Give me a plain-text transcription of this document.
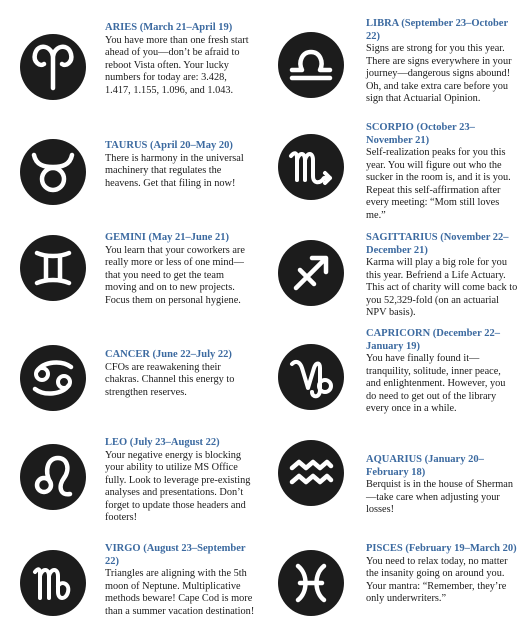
ARIES (March 21–April 19)

You have more than one fresh start ahead of you—don’t be afraid to reboot Vista often. Your lucky numbers for today are: 3.428, 1.417, 1.155, 1.096, and 1.043.

TAURUS (April 20–May 20)

There is harmony in the universal machinery that regulates the heavens. Get that filing in now!

GEMINI (May 21–June 21)

You learn that your coworkers are really more or less of one mind—that you need to get the team moving and on to new projects. Focus them on personal hygiene.

CANCER (June 22–July 22)

CFOs are reawakening their chakras. Channel this energy to strengthen reserves.

LEO (July 23–August 22)

Your negative energy is blocking your ability to utilize MS Office fully. Look to leverage pre-existing analyses and presentations. Don’t forget to update those headers and footers!

VIRGO (August 23–September 22)

Triangles are aligning with the 5th moon of Neptune. Multiplicative methods beware! Cape Cod is more than a summer vacation destination!

LIBRA (September 23–October 22)

Signs are strong for you this year. There are signs everywhere in your journey—dangerous signs abound! Oh, and take extra care before you sign that Actuarial Opinion.

SCORPIO (October 23–November 21)

Self-realization peaks for you this year. You will figure out who the sucker in the room is, and it is you. Repeat this self-affirmation after every meeting: “Mom still loves me.”

SAGITTARIUS (November 22–December 21)

Karma will play a big role for you this year. Befriend a Life Actuary. This act of charity will come back to you 52,329-fold (on an actuarial NPV basis).

CAPRICORN (December 22–January 19)

You have finally found it—tranquility, solitude, inner peace, and enlightenment. However, you do need to get out of the library every once in a while.

AQUARIUS (January 20–February 18)

Berquist is in the house of Sherman—take care when adjusting your losses!

PISCES (February 19–March 20)

You need to relax today, no matter the insanity going on around you. Your mantra: “Remember, they’re only underwriters.”
